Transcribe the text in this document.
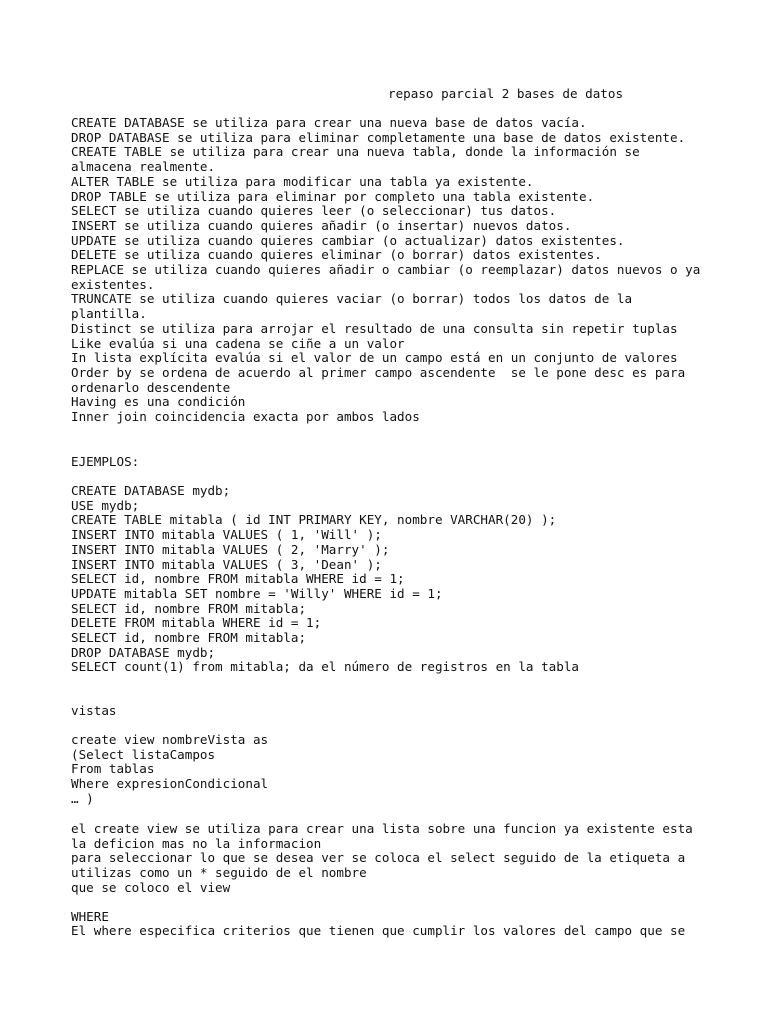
repaso parcial 2 bases de datos
CREATE DATABASE se utiliza para crear una nueva base de datos vacía.
DROP DATABASE se utiliza para eliminar completamente una base de datos existente.
CREATE TABLE se utiliza para crear una nueva tabla, donde la información se
almacena realmente.
ALTER TABLE se utiliza para modificar una tabla ya existente.
DROP TABLE se utiliza para eliminar por completo una tabla existente.
SELECT se utiliza cuando quieres leer (o seleccionar) tus datos.
INSERT se utiliza cuando quieres añadir (o insertar) nuevos datos.
UPDATE se utiliza cuando quieres cambiar (o actualizar) datos existentes.
DELETE se utiliza cuando quieres eliminar (o borrar) datos existentes.
REPLACE se utiliza cuando quieres añadir o cambiar (o reemplazar) datos nuevos o ya
existentes.
TRUNCATE se utiliza cuando quieres vaciar (o borrar) todos los datos de la
plantilla.
Distinct se utiliza para arrojar el resultado de una consulta sin repetir tuplas
Like evalúa si una cadena se ciñe a un valor
In lista explícita evalúa si el valor de un campo está en un conjunto de valores
Order by se ordena de acuerdo al primer campo ascendente  se le pone desc es para
ordenarlo descendente
Having es una condición
Inner join coincidencia exacta por ambos lados
EJEMPLOS:
CREATE DATABASE mydb;
USE mydb;
CREATE TABLE mitabla ( id INT PRIMARY KEY, nombre VARCHAR(20) );
INSERT INTO mitabla VALUES ( 1, 'Will' );
INSERT INTO mitabla VALUES ( 2, 'Marry' );
INSERT INTO mitabla VALUES ( 3, 'Dean' );
SELECT id, nombre FROM mitabla WHERE id = 1;
UPDATE mitabla SET nombre = 'Willy' WHERE id = 1;
SELECT id, nombre FROM mitabla;
DELETE FROM mitabla WHERE id = 1;
SELECT id, nombre FROM mitabla;
DROP DATABASE mydb;
SELECT count(1) from mitabla; da el número de registros en la tabla
vistas
create view nombreVista as
(Select listaCampos
From tablas
Where expresionCondicional
… )
el create view se utiliza para crear una lista sobre una funcion ya existente esta
la deficion mas no la informacion
para seleccionar lo que se desea ver se coloca el select seguido de la etiqueta a
utilizas como un * seguido de el nombre
que se coloco el view
WHERE
El where especifica criterios que tienen que cumplir los valores del campo que se
